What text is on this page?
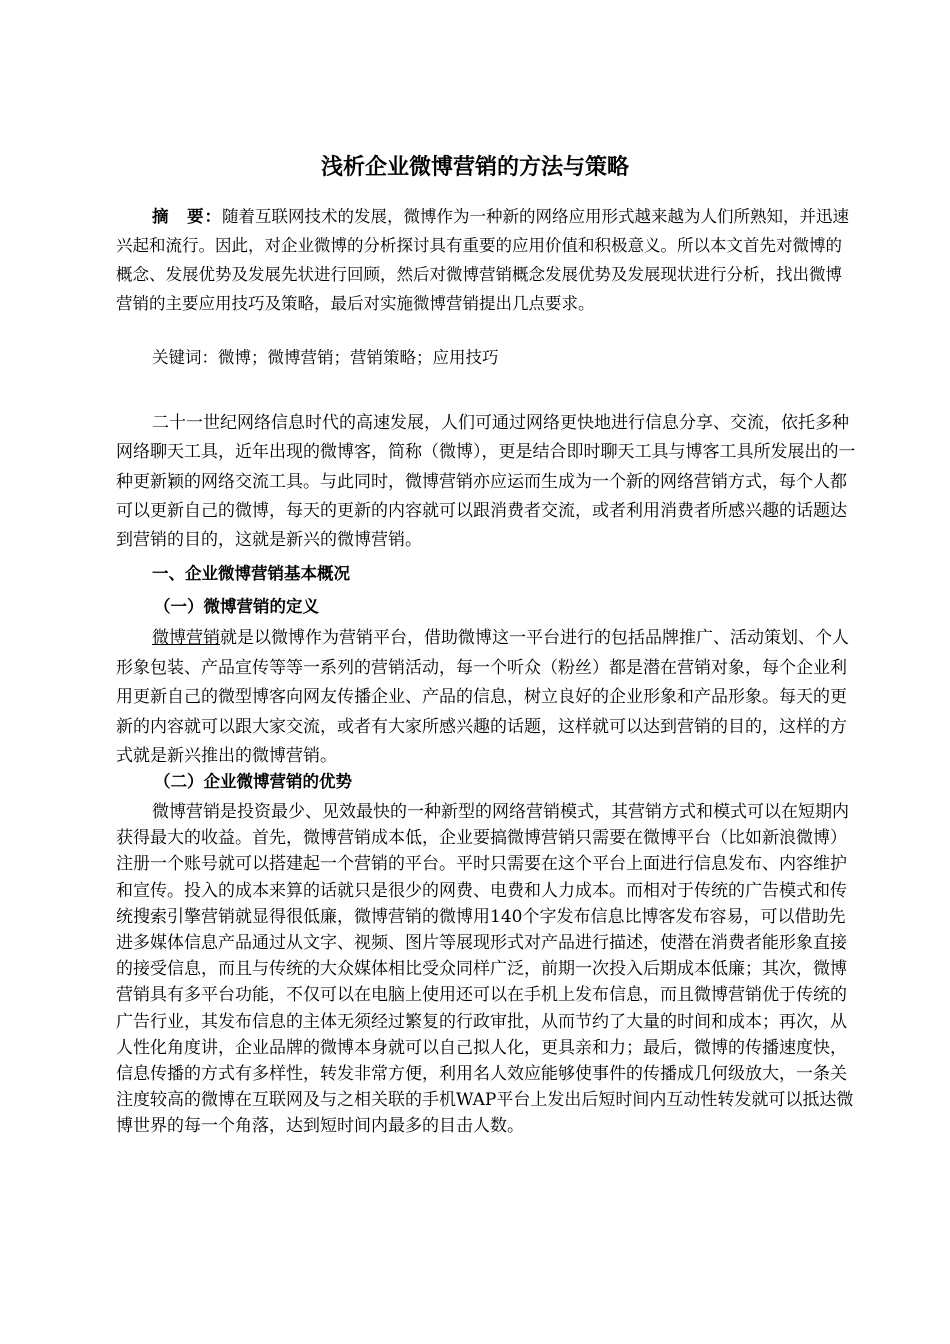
浅析企业微博营销的方法与策略

摘　要：随着互联网技术的发展，微博作为一种新的网络应用形式越来越为人们所熟知，并迅速兴起和流行。因此，对企业微博的分析探讨具有重要的应用价值和积极意义。所以本文首先对微博的概念、发展优势及发展先状进行回顾，然后对微博营销概念发展优势及发展现状进行分析，找出微博营销的主要应用技巧及策略，最后对实施微博营销提出几点要求。

关键词：微博；微博营销；营销策略；应用技巧

二十一世纪网络信息时代的高速发展，人们可通过网络更快地进行信息分享、交流，依托多种网络聊天工具，近年出现的微博客，简称（微博），更是结合即时聊天工具与博客工具所发展出的一种更新颖的网络交流工具。与此同时，微博营销亦应运而生成为一个新的网络营销方式，每个人都可以更新自己的微博，每天的更新的内容就可以跟消费者交流，或者利用消费者所感兴趣的话题达到营销的目的，这就是新兴的微博营销。

一、企业微博营销基本概况

（一）微博营销的定义

微博营销就是以微博作为营销平台，借助微博这一平台进行的包括品牌推广、活动策划、个人形象包装、产品宣传等等一系列的营销活动，每一个听众（粉丝）都是潜在营销对象，每个企业利用更新自己的微型博客向网友传播企业、产品的信息，树立良好的企业形象和产品形象。每天的更新的内容就可以跟大家交流，或者有大家所感兴趣的话题，这样就可以达到营销的目的，这样的方式就是新兴推出的微博营销。

（二）企业微博营销的优势

微博营销是投资最少、见效最快的一种新型的网络营销模式，其营销方式和模式可以在短期内获得最大的收益。首先，微博营销成本低，企业要搞微博营销只需要在微博平台（比如新浪微博）注册一个账号就可以搭建起一个营销的平台。平时只需要在这个平台上面进行信息发布、内容维护和宣传。投入的成本来算的话就只是很少的网费、电费和人力成本。而相对于传统的广告模式和传统搜索引擎营销就显得很低廉，微博营销的微博用140个字发布信息比博客发布容易，可以借助先进多媒体信息产品通过从文字、视频、图片等展现形式对产品进行描述，使潜在消费者能形象直接的接受信息，而且与传统的大众媒体相比受众同样广泛，前期一次投入后期成本低廉；其次，微博营销具有多平台功能，不仅可以在电脑上使用还可以在手机上发布信息，而且微博营销优于传统的广告行业，其发布信息的主体无须经过繁复的行政审批，从而节约了大量的时间和成本；再次，从人性化角度讲，企业品牌的微博本身就可以自己拟人化，更具亲和力；最后，微博的传播速度快，信息传播的方式有多样性，转发非常方便，利用名人效应能够使事件的传播成几何级放大，一条关注度较高的微博在互联网及与之相关联的手机WAP平台上发出后短时间内互动性转发就可以抵达微博世界的每一个角落，达到短时间内最多的目击人数。
